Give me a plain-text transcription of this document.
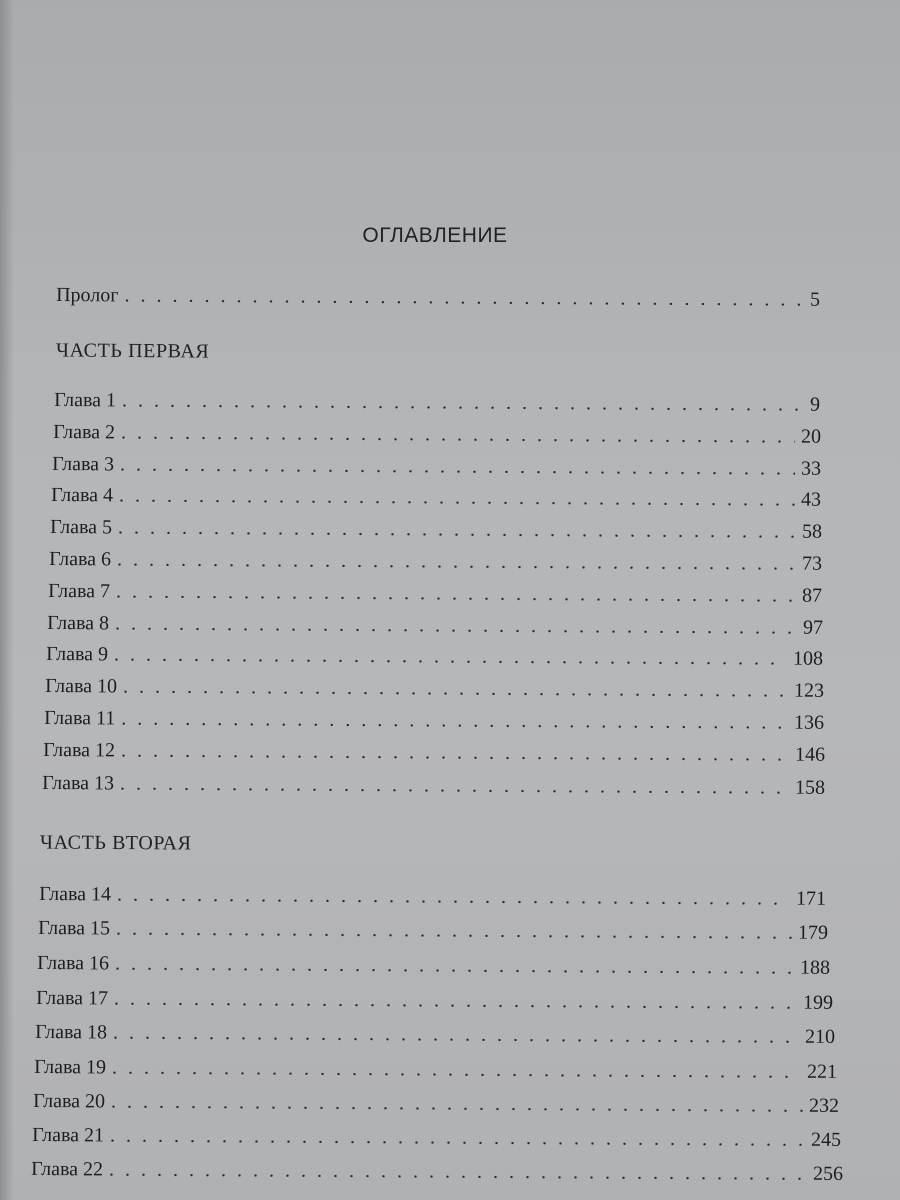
ОГЛАВЛЕНИЕ
Пролог . . .	5
ЧАСТЬ ПЕРВАЯ
Глава 1 . . .	9
Глава 2 . . .	20
Глава 3 . . .	33
Глава 4 . . .	43
Глава 5 . . .	58
Глава 6 . . .	73
Глава 7 . . .	87
Глава 8 . . .	97
Глава 9 . . .	108
Глава 10 . . .	123
Глава 11 . . .	136
Глава 12 . . .	146
Глава 13 . . .	158
ЧАСТЬ ВТОРАЯ
Глава 14 . . .	171
Глава 15 . . .	179
Глава 16 . . .	188
Глава 17 . . .	199
Глава 18 . . .	210
Глава 19 . . .	221
Глава 20 . . .	232
Глава 21 . . .	245
Глава 22 . . .	256
